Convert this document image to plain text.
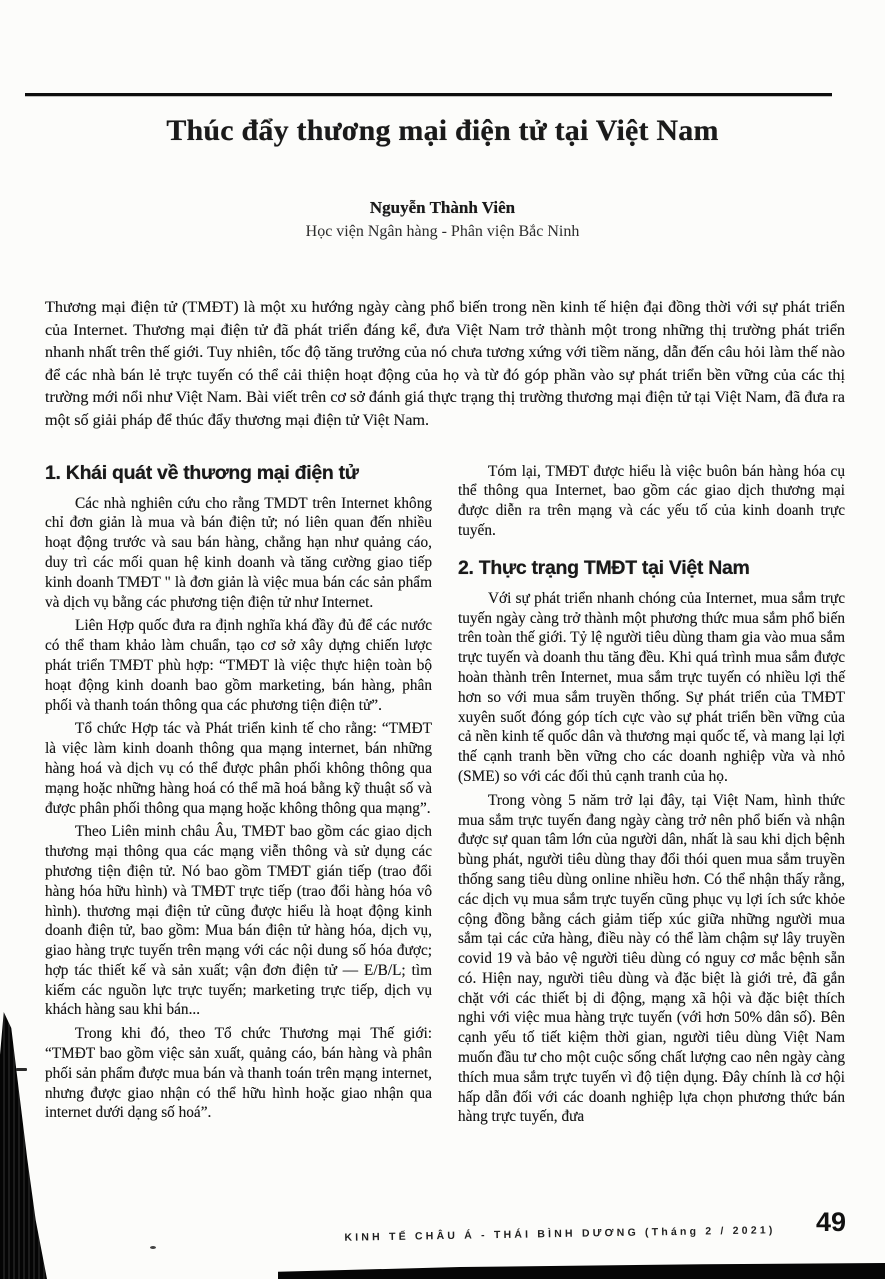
Thúc đẩy thương mại điện tử tại Việt Nam
Nguyễn Thành Viên
Học viện Ngân hàng - Phân viện Bắc Ninh

Thương mại điện tử (TMĐT) là một xu hướng ngày càng phổ biến trong nền kinh tế hiện đại đồng thời với sự phát triển của Internet. Thương mại điện tử đã phát triển đáng kể, đưa Việt Nam trở thành một trong những thị trường phát triển nhanh nhất trên thế giới. Tuy nhiên, tốc độ tăng trưởng của nó chưa tương xứng với tiềm năng, dẫn đến câu hỏi làm thế nào để các nhà bán lẻ trực tuyến có thể cải thiện hoạt động của họ và từ đó góp phần vào sự phát triển bền vững của các thị trường mới nổi như Việt Nam. Bài viết trên cơ sở đánh giá thực trạng thị trường thương mại điện tử tại Việt Nam, đã đưa ra một số giải pháp để thúc đẩy thương mại điện tử Việt Nam.

1. Khái quát về thương mại điện tử

Các nhà nghiên cứu cho rằng TMDT trên Internet không chỉ đơn giản là mua và bán điện tử; nó liên quan đến nhiều hoạt động trước và sau bán hàng, chẳng hạn như quảng cáo, duy trì các mối quan hệ kinh doanh và tăng cường giao tiếp kinh doanh TMĐT " là đơn giản là việc mua bán các sản phẩm và dịch vụ bằng các phương tiện điện tử như Internet.

Liên Hợp quốc đưa ra định nghĩa khá đầy đủ để các nước có thể tham khảo làm chuẩn, tạo cơ sở xây dựng chiến lược phát triển TMĐT phù hợp: “TMĐT là việc thực hiện toàn bộ hoạt động kinh doanh bao gồm marketing, bán hàng, phân phối và thanh toán thông qua các phương tiện điện tử”.

Tổ chức Hợp tác và Phát triển kinh tế cho rằng: “TMĐT là việc làm kinh doanh thông qua mạng internet, bán những hàng hoá và dịch vụ có thể được phân phối không thông qua mạng hoặc những hàng hoá có thể mã hoá bằng kỹ thuật số và được phân phối thông qua mạng hoặc không thông qua mạng”.

Theo Liên minh châu Âu, TMĐT bao gồm các giao dịch thương mại thông qua các mạng viễn thông và sử dụng các phương tiện điện tử. Nó bao gồm TMĐT gián tiếp (trao đổi hàng hóa hữu hình) và TMĐT trực tiếp (trao đổi hàng hóa vô hình). thương mại điện tử cũng được hiểu là hoạt động kinh doanh điện tử, bao gồm: Mua bán điện tử hàng hóa, dịch vụ, giao hàng trực tuyến trên mạng với các nội dung số hóa được; hợp tác thiết kế và sản xuất; vận đơn điện tử — E/B/L; tìm kiếm các nguồn lực trực tuyến; marketing trực tiếp, dịch vụ khách hàng sau khi bán...

Trong khi đó, theo Tổ chức Thương mại Thế giới: “TMĐT bao gồm việc sản xuất, quảng cáo, bán hàng và phân phối sản phẩm được mua bán và thanh toán trên mạng internet, nhưng được giao nhận có thể hữu hình hoặc giao nhận qua internet dưới dạng số hoá”.

Tóm lại, TMĐT được hiểu là việc buôn bán hàng hóa cụ thể thông qua Internet, bao gồm các giao dịch thương mại được diễn ra trên mạng và các yếu tố của kinh doanh trực tuyến.

2. Thực trạng TMĐT tại Việt Nam

Với sự phát triển nhanh chóng của Internet, mua sắm trực tuyến ngày càng trở thành một phương thức mua sắm phổ biến trên toàn thế giới. Tỷ lệ người tiêu dùng tham gia vào mua sắm trực tuyến và doanh thu tăng đều. Khi quá trình mua sắm được hoàn thành trên Internet, mua sắm trực tuyến có nhiều lợi thế hơn so với mua sắm truyền thống. Sự phát triển của TMĐT xuyên suốt đóng góp tích cực vào sự phát triển bền vững của cả nền kinh tế quốc dân và thương mại quốc tế, và mang lại lợi thế cạnh tranh bền vững cho các doanh nghiệp vừa và nhỏ (SME) so với các đối thủ cạnh tranh của họ.

Trong vòng 5 năm trở lại đây, tại Việt Nam, hình thức mua sắm trực tuyến đang ngày càng trở nên phổ biến và nhận được sự quan tâm lớn của người dân, nhất là sau khi dịch bệnh bùng phát, người tiêu dùng thay đổi thói quen mua sắm truyền thống sang tiêu dùng online nhiều hơn. Có thể nhận thấy rằng, các dịch vụ mua sắm trực tuyến cũng phục vụ lợi ích sức khỏe cộng đồng bằng cách giảm tiếp xúc giữa những người mua sắm tại các cửa hàng, điều này có thể làm chậm sự lây truyền covid 19 và bảo vệ người tiêu dùng có nguy cơ mắc bệnh sẵn có. Hiện nay, người tiêu dùng và đặc biệt là giới trẻ, đã gắn chặt với các thiết bị di động, mạng xã hội và đặc biệt thích nghi với việc mua hàng trực tuyến (với hơn 50% dân số). Bên cạnh yếu tố tiết kiệm thời gian, người tiêu dùng Việt Nam muốn đầu tư cho một cuộc sống chất lượng cao nên ngày càng thích mua sắm trực tuyến vì độ tiện dụng. Đây chính là cơ hội hấp dẫn đối với các doanh nghiệp lựa chọn phương thức bán hàng trực tuyến, đưa

KINH TẾ CHÂU Á - THÁI BÌNH DƯƠNG (Tháng 2 / 2021)	49
